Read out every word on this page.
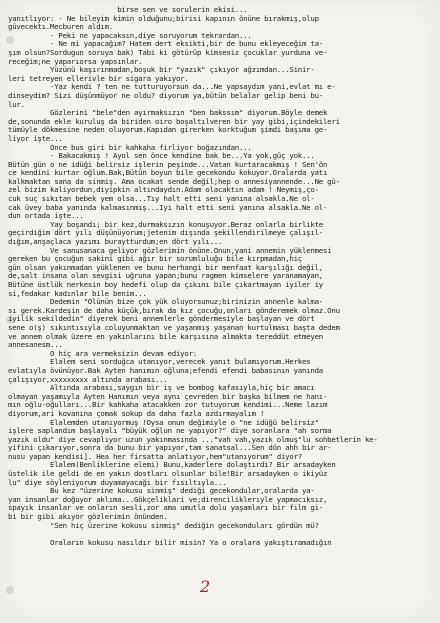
birse sen ve sorulerin ekisi...
yanıtlıyor: - Ne bileyim kimin olduğunu;birisi kapının önüne bırakmış,olup
güvecektı.Mecburen aldım.
- Peki ne yapacaksın,diye soruyorum tekrardan...
- Ne mi yapacağım? Hatem dert eksikti,bir de bunu ekleyeceğim ta-
şım olsun?Sordugun soruya bak) Tabi ki götürüp kimsesiz çocuklar yurduna ve-
receğim;ne yaparıorsa yapsınlar.
Yüzünü kaşırınmadan,boşuk bir "yazık" çıkıyor ağzımdan...Sinir-
leri tetreyen ellerivle bir sigara yakıyor.
-Yaz kendi ? ten ne tutturuyorsun da...Ne yapsaydım yani,evlat mı e-
dinseydim? Sizi düşünmüyor ne oldu? diyorum ya,bütün belalar gelip beni bu-
lur.
Gözlerini "bele"den ayırmaksızın "ben bakssım" diyorum.Böyle demek
de,sonunda ekle kuruluş da biriden oiro boşaltılveren bir yay gibi,içindekileri
tümüyle dökmesine neden oluyorum.Kapıdan girerken korktuğum şimdi başıma ge-
liyor işte...
Önce bus giri bir kahkaha firliyor boğazından...
- Bakacakmış ! Ayol sen önce kendine bak be...Ya yok,güç yok...
Bütün gün o ne idüği belirsiz işlerin peşinde...Vatan kurtaracakmış ! Sen'ön
ce kendini kurtar oğlum.Bak,Bütün boyun bile gecekondu kokuyor.Oralarda yatı
kalkmaktan sana da sinmiş. Ama ocakat sende değil;hep o annesiyannende...Ne gü-
zel bizim kaliyordun,diyipkin altındaydın.Adam olacaktın adam ! Neymiş,ço-
cuk suç sıkıtan bebek yem olsa...Tıy halt etti seni yanına alsakla.Ne ol-
cak üvey baba yanında kalmasınmış...Iyi halt etti seni yanına alsakla.Ne ol-
dun ortada işte...
Yay boşandı; bir kez,durmaksızın konuşuyor.Beraz onlarla birlikte
geçirdiğim dört yılı düşünüyorum;jetenim dışında şekillendirilmeye çalışıl-
dığım,anşaçlaca yazımı buraytturdum;en dört yılı...
Ve sanusanaca geliyor gözlerimin önüne.Onun,yani annemin yüklenmesi
gereken bu çocuğun sakini gibi ağır bir sorumluluğu bile kırpmadan,hiç
gün olsan yakınmadan yüklenen ve bunu herhangi bir menfaat karşılığı değil,
de,salt insana olan sevgisi uğruna yapan;bunu ragmen kimselere yaranamayan,
Bütüne üstlük nerkesin boy hedefi olup da çıkını bile çıkartmayan iyiler iy
si,fedakar kadınlar bile benim...
Dedemin "Ölünün bize çok yük oluyorsunuz;birinizin annenle kalma-
sı gerek.Kardeşin de daha küçük,bırak da kız çocuğu,onları gönderemek olmaz.Onu
iyilik sekildedin" diyerek beni annemlerle göndermesiyle başlayan ve dört
sene o(ş) sıkıntısıyla coluyunmaktan ve yaşanmış yaşanan kurtulması başta dedem
ve annem olmak üzere en yakınlarını bile karşısına almakta tereddüt etmeyen
annesanesm...
O hiç ara vermeksizin devam ediyor:
Elalem seni sorduğca utanıyor,verecek yanıt bulamıyorum.Herkes
evlatıyla övünüyor.Bak Ayten hanımın oğluna;efendi efendi babasının yanında
çalışıyor,xxxxxxxxx altında arabası...
Altında arabası,saygın bir iş ve bombog kafasıyla,hiç bir amacı
olmayan yaşamıyla Ayten Hanımın veya aynı çevreden bir başka bilmem ne hanı-
mın oğlu-oğulları...Bir kahkaha atacakken zor tutuyorum kendimi...Neme lazım
diyorum,ari kovanına çomak sokup da daha fazla azdırmayalım !
Elalemden utanıyormuş !Oysa onun değimiyle o "ne idüğü belirsiz"
işlere saplandım başlayalı "büyük oğlun ne yapıyor?" diye soranlara "ah sorma
yazık oldu" diye cevaplıyor uzun yakınmasında ..."vah vah,yazık olmuş"lu sohbetlerin ke-
yifini çıkarıyor,sonra da bunu bir yapıyor,tam sanatsal...Sen dön ahh bir ar-
nusu yapan kendisi]. Hea her firsatta anlatıyor,hem"utanıyorum" diyor?
Elalem(Benliklerine elemi) Bunu,kaderlere dolaştırdı? Bir arsadayken
üstelik ile geldi de en yakın dostları olsunlar bile!Bir arsadayken o ikiyüz
lu" diye söyleniyorum duyamayacağı bir fısıltıyla...
Bu kez "üzerine kokusu sinmiş" dediği gecekondular,oralarda ya-
yan insanlar doğuyor aklıma...Gökçeliklari ve;direnciliklerıyle yapmacıksız,
spayık insanlar ve onların sesli,zor ama umutla dolu yaşamları bir film gi-
bi bir gibi akıyor gözlerimin önünden.
"Sen hiç üzerine kokusu sinmiş" dediğin gecekonduları gördün mü?
Oraların kokusu nasıldır bilir misin? Ya o oralara yakıştıramadığın
2
